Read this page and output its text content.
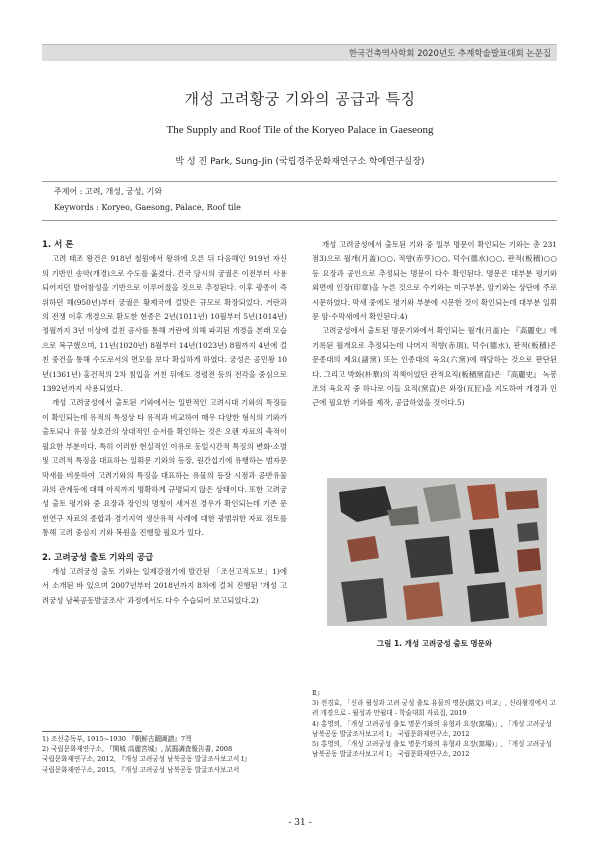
한국건축역사학회 2020년도 추계학술발표대회 논문집
개성 고려황궁 기와의 공급과 특징
The Supply and Roof Tile of the Koryeo Palace in Gaeseong
박 성 진 Park, Sung-Jin (국립경주문화재연구소 학예연구실장)
주제어 : 고려, 개성, 궁성, 기와
Keywords : Koryeo, Gaesong, Palace, Roof tile

1. 서 론

고려 태조 왕건은 918년 철원에서 왕위에 오른 뒤 다음해인 919년 자신의 기반인 송악(개경)으로 수도를 옮겼다. 건국 당시의 궁궐은 이전부터 사용되어지던 발어참성을 기반으로 이루어졌을 것으로 추정된다. 이후 광종이 즉위하던 해(950년)부터 궁궐은 황제국에 걸맞은 규모로 확장되었다. 거란과의 전쟁 이후 개경으로 환도한 현종은 2년(1011년) 10월부터 5년(1014년) 정월까지 3년 이상에 걸친 공사를 통해 거란에 의해 파괴된 개경을 본래 모습으로 복구했으며, 11년(1020년) 8월부터 14년(1023년) 8월까지 4년에 걸친 중건을 통해 수도로서의 면모를 보다 확실하게 하였다. 궁성은 공민왕 10년(1361년) 홍건적의 2차 침입을 거친 뒤에도 경령전 등의 전각을 중심으로 1392년까지 사용되었다.

개성 고려궁성에서 출토된 기와에서는 일반적인 고려시대 기와의 특징들이 확인되는데 유적의 특성상 타 유적과 비교하여 매우 다양한 형식의 기와가 출토되나 유물 상호간의 상대적인 순서를 확인하는 것은 오랜 자료의 축적이 필요한 부분이다. 특히 이러한 현실적인 이유로 동일시간적 특징의 변화·소멸 및 고려적 특징을 대표하는 일휘문 기와의 등장, 원간섭기에 유행하는 범자문 막새를 비롯하여 고려기와의 특징을 대표하는 유물의 등장 시점과 공반유물과의 관계등에 대해 아직까지 명확하게 규명되지 않은 상태이다. 또한 고려궁성 출토 평기와 중 요장과 장인의 명칭이 새겨진 경우가 확인되는데 기존 문헌연구 자료의 종합과 경기지역 생산유적 사례에 대한 광범위한 자료 검토를 통해 고려 중심지 기와 복원을 진행할 필요가 있다.

2. 고려궁성 출토 기와의 공급

개성 고려궁성 출토 기와는 일제강점기에 발간된 「조선고적도보」1)에서 소개된 바 있으며 2007년부터 2018년까지 8차에 걸쳐 진행된 '개성 고려궁성 남북공동발굴조사' 과정에서도 다수 수습되어 보고되었다.2)

개성 고려궁성에서 출토된 기와 중 일부 명문이 확인되는 기와는 총 231점3)으로 월개(月盖)○○, 적향(赤亨)○○, 덕수(德水)○○, 판적(板積)○○ 등 요장과 공인으로 추정되는 명문이 다수 확인된다. 명문은 대부분 평기와 외면에 인장(印章)을 누른 것으로 수키와는 미구부분, 암키와는 상단에 주로 시문하였다. 막새 중에도 평기와 부분에 시문한 것이 확인되는데 대부분 일휘문 암·수막새에서 확인된다.4)

고려궁성에서 출토된 명문기와에서 확인되는 월개(月盖)는 『高麗史』에 기록된 월개요로 추정되는데 나머지 적향(赤項), 덕수(德水), 판적(板積)은 문종대의 제요(諸窯) 또는 인종대의 육요(六窯)에 해당하는 것으로 판단된다. 그리고 박화(朴華)의 직책이었던 관적요직(板積窯直)은 『高麗史』 녹봉조의 육요직 중 하나로 이들 요직(窯直)은 와장(瓦匠)을 지도하여 개경과 인근에 필요한 기와를 제작, 공급하였을 것이다.5)

그림 1. 개성 고려궁성 출토 명문와
1) 조선총독부, 1915~1930 『朝鮮古蹟圖譜』7책
2) 국립문화재연구소, 『開城 高麗宮城』, 試掘調査報告書, 2008
국립문화재연구소, 2012, 『개성 고려궁성 남북공동 발굴조사보고서 Ⅰ』
국립문화재연구소, 2015, 『개성 고려궁성 남북공동 발굴조사보고서
Ⅱ』
3) 전경효, 「신라 월성과 고려 궁성 출토 유물의 명문(銘文) 비교」, 신라왕경에서 고려 개경으로 - 월성과 만월대 - 학술대회 자료집, 2019
4) 홍영의, 「개성 고려궁성 출토 명문기와의 유형과 요장(窯場)」, 「개성 고려궁성 남북공동 발굴조사보고서 Ⅰ」 국립문화재연구소, 2012
5) 홍영의, 「개성 고려궁성 출토 명문기와의 유형과 요장(窯場)」, 「개성 고려궁성 남북공동 발굴조사보고서 Ⅰ」 국립문화재연구소, 2012
- 31 -
